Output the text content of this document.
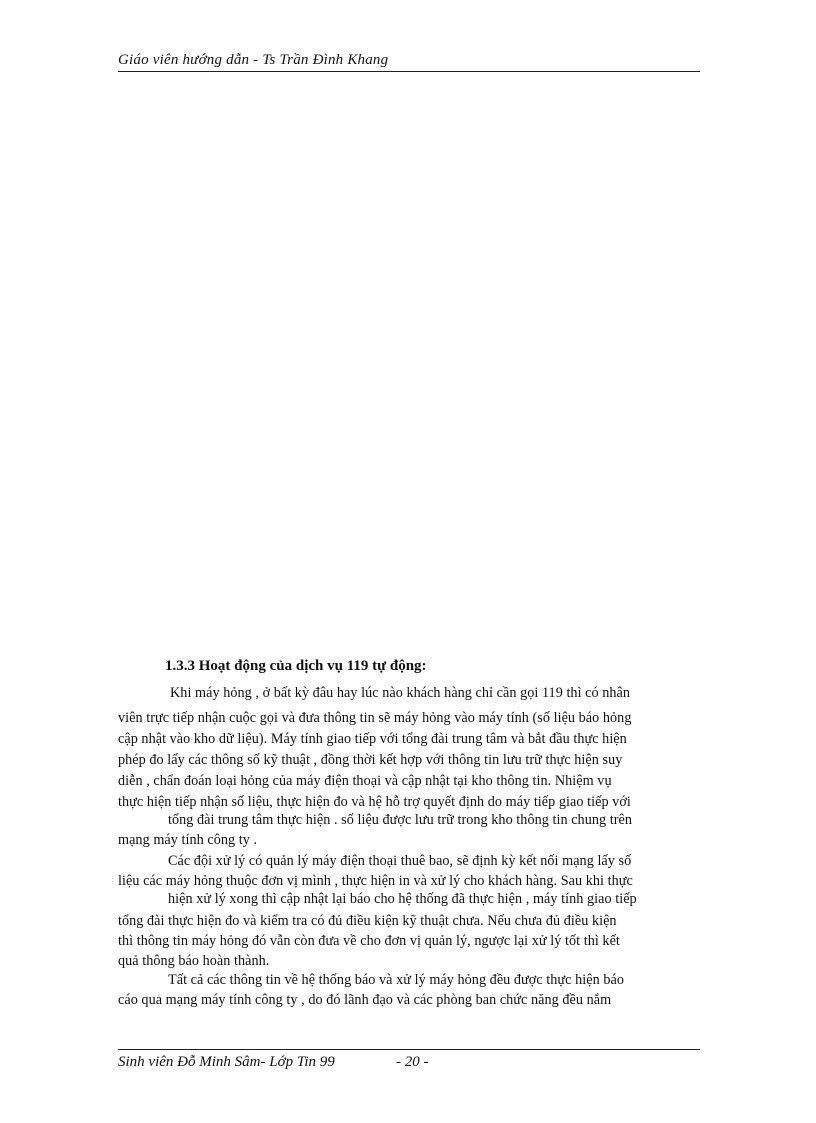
Giáo viên hướng dẫn - Ts Trần Đình Khang
1.3.3 Hoạt động của dịch vụ 119 tự động:
Khi máy hỏng , ở bất kỳ đâu hay lúc nào khách hàng chỉ cần gọi 119 thì có nhân
viên trực tiếp nhận cuộc gọi và đưa thông tin sẽ máy hỏng vào máy tính (số liệu báo hỏng
cập nhật vào kho dữ liệu). Máy tính giao tiếp với tổng đài trung tâm và bắt đầu thực hiện
phép đo lấy các thông số kỹ thuật , đồng thời kết hợp với thông tin lưu trữ thực hiện suy
diễn , chẩn đoán loại hỏng của máy điện thoại và cập nhật tại kho thông tin. Nhiệm vụ
thực hiện tiếp nhận số liệu, thực hiện đo và hệ hỗ trợ quyết định do máy tiếp giao tiếp với
tổng đài trung tâm thực hiện . số liệu được lưu trữ trong kho thông tin chung trên
mạng máy tính công ty .
Các đội xử lý có quản lý máy điện thoại thuê bao, sẽ định kỳ kết nối mạng lấy số
liệu các máy hỏng thuộc đơn vị mình , thực hiện in và xử lý cho khách hàng. Sau khi thực
hiện xử lý xong thì cập nhật lại báo cho hệ thống đã thực hiện , máy tính giao tiếp
tổng đài thực hiện đo và kiểm tra có đủ điều kiện kỹ thuật chưa. Nếu chưa đủ điều kiện
thì thông tin máy hỏng đó vẫn còn đưa về cho đơn vị quản lý, ngược lại xử lý tốt thì kết
quả thông báo hoàn thành.
Tất cả các thông tin về hệ thống báo và xử lý máy hỏng đều được thực hiện báo
cáo qua mạng máy tính công ty , do đó lãnh đạo và các phòng ban chức năng đều nắm
Sinh viên Đỗ Minh Sâm- Lớp Tin 99	- 20 -
